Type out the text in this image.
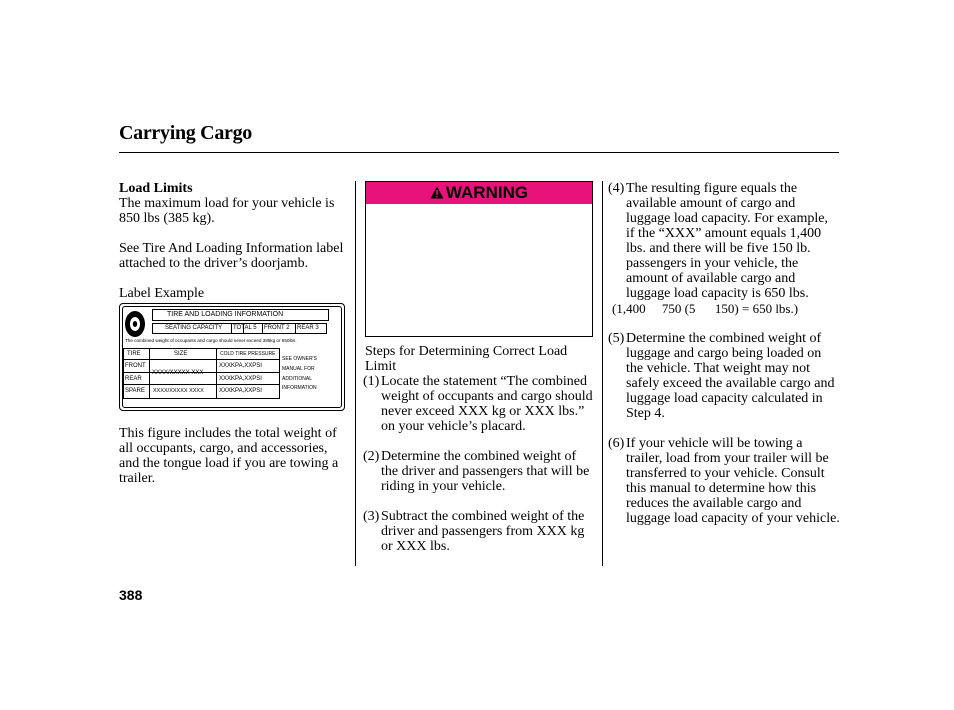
Carrying Cargo
Load Limits

The maximum load for your vehicle is 850 lbs (385 kg).

See Tire And Loading Information label attached to the driver’s doorjamb.

Label Example

TIRE AND LOADING INFORMATION
SEATING CAPACITY TOTAL 5 FRONT 2 REAR 3
The combined weight of occupants and cargo should never exceed 385kg or 850lbs.
TIRE	SIZE	COLD TIRE PRESSURE
FRONT
REAR
SPARE
XXXX/XXXXX XXX
XXXX/XXXXX XXXX
XXXKPA,XXPSI
XXXKPA,XXPSI
XXXKPA,XXPSI
SEE OWNER'S
MANUAL FOR
ADDITIONAL
INFORMATION

This figure includes the total weight of all occupants, cargo, and accessories, and the tongue load if you are towing a trailer.

WARNING

Steps for Determining Correct Load Limit

(1) Locate the statement “The combined weight of occupants and cargo should never exceed XXX kg or XXX lbs.” on your vehicle’s placard.
(2) Determine the combined weight of the driver and passengers that will be riding in your vehicle.
(3) Subtract the combined weight of the driver and passengers from XXX kg or XXX lbs.
(4) The resulting figure equals the available amount of cargo and luggage load capacity. For example, if the “XXX” amount equals 1,400 lbs. and there will be five 150 lb. passengers in your vehicle, the amount of available cargo and luggage load capacity is 650 lbs.
(1,400     750 (5      150) = 650 lbs.)
(5) Determine the combined weight of luggage and cargo being loaded on the vehicle. That weight may not safely exceed the available cargo and luggage load capacity calculated in Step 4.
(6) If your vehicle will be towing a trailer, load from your trailer will be transferred to your vehicle. Consult this manual to determine how this reduces the available cargo and luggage load capacity of your vehicle.
388
